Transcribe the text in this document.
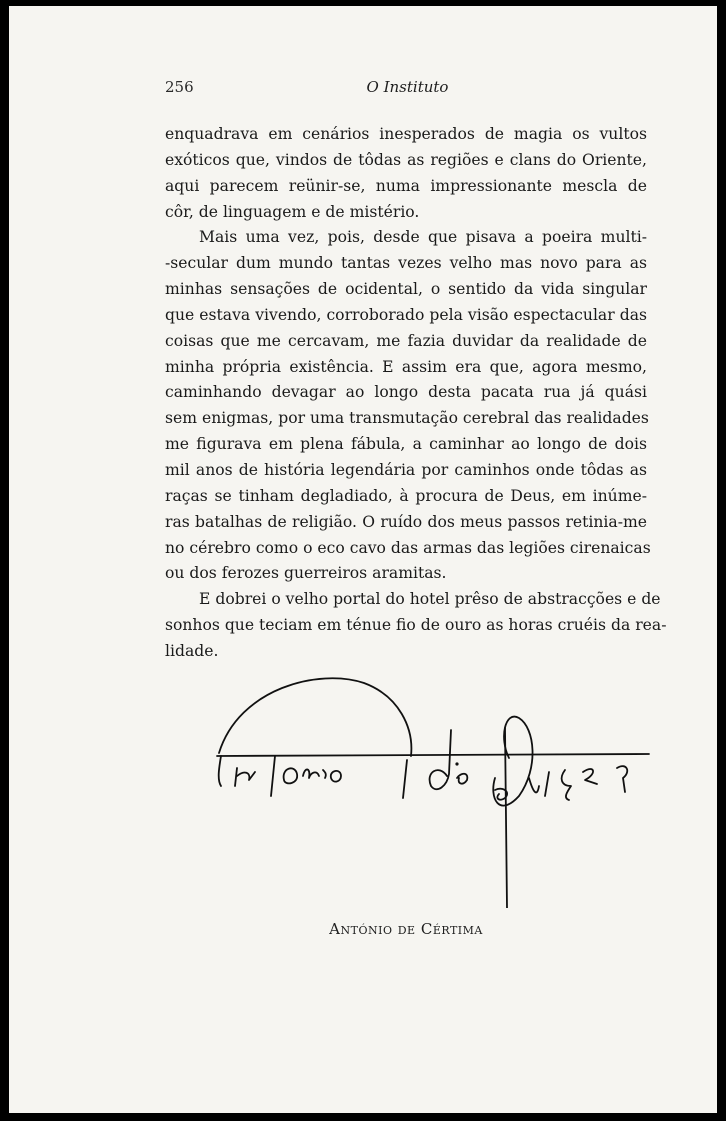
256	O Instituto
enquadrava em cenários inesperados de magia os vultos
exóticos que, vindos de tôdas as regiões e clans do Oriente,
aqui parecem reünir-se, numa impressionante mescla de
côr, de linguagem e de mistério.
Mais uma vez, pois, desde que pisava a poeira multi-
-secular dum mundo tantas vezes velho mas novo para as
minhas sensações de ocidental, o sentido da vida singular
que estava vivendo, corroborado pela visão espectacular das
coisas que me cercavam, me fazia duvidar da realidade de
minha própria existência. E assim era que, agora mesmo,
caminhando devagar ao longo desta pacata rua já quási
sem enigmas, por uma transmutação cerebral das realidades
me figurava em plena fábula, a caminhar ao longo de dois
mil anos de história legendária por caminhos onde tôdas as
raças se tinham degladiado, à procura de Deus, em inúme-
ras batalhas de religião. O ruído dos meus passos retinia-me
no cérebro como o eco cavo das armas das legiões cirenaicas
ou dos ferozes guerreiros aramitas.
E dobrei o velho portal do hotel prêso de abstracções e de
sonhos que teciam em ténue fio de ouro as horas cruéis da rea-
lidade.
António de Cértima
